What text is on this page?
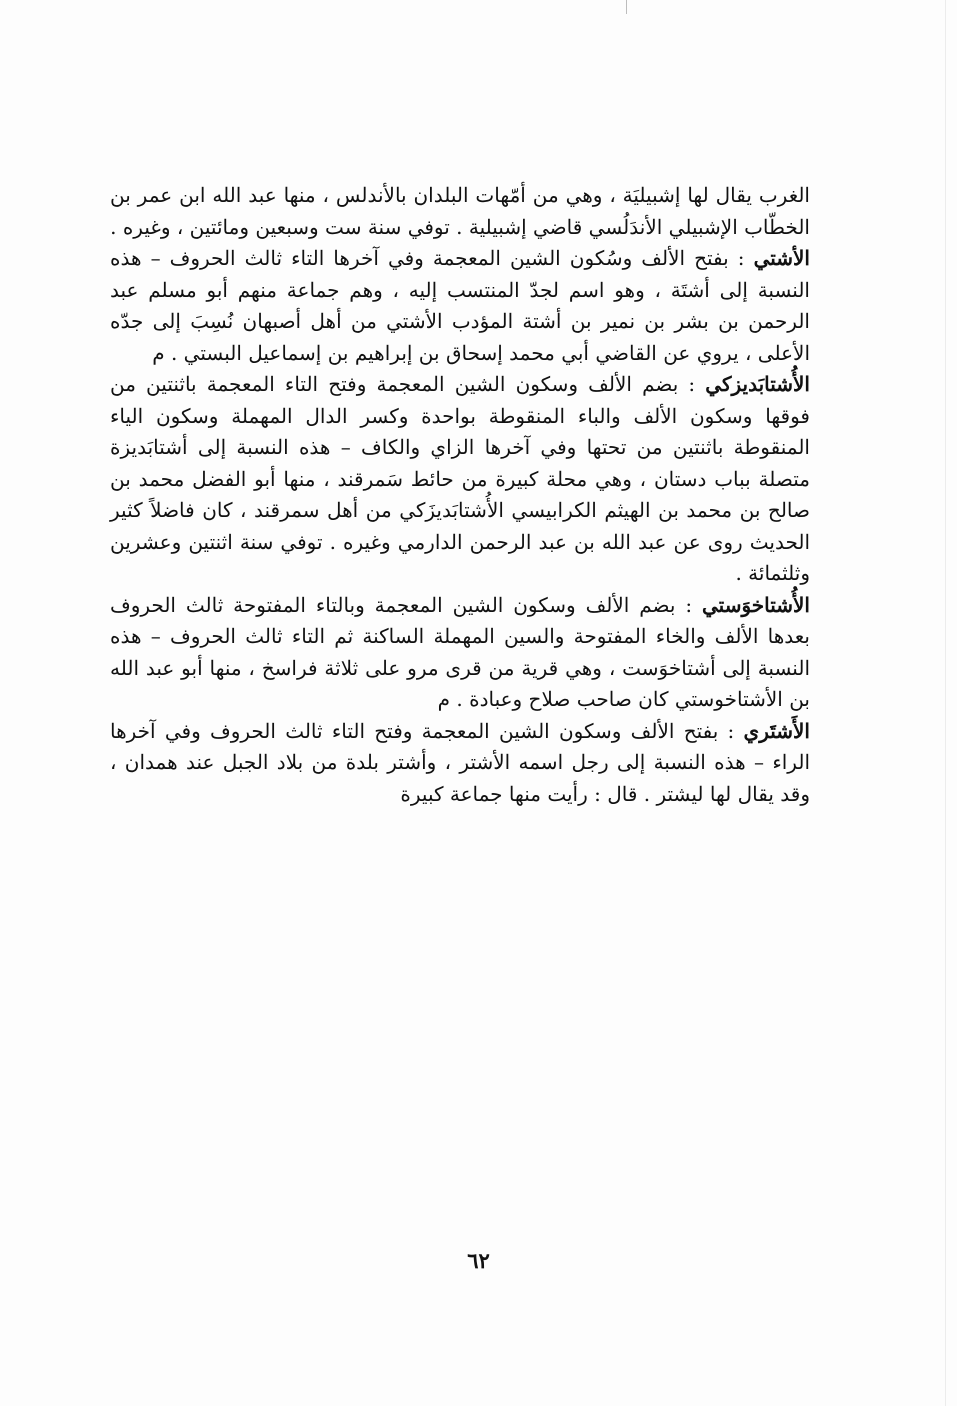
الغرب يقال لها إشبيليَة ، وهي من أمّهات البلدان بالأندلس ، منها عبد الله ابن عمر بن الخطّاب الإشبيلي الأندَلُسي قاضي إشبيلية . توفي سنة ست وسبعين ومائتين ، وغيره .

الأشتي : بفتح الألف وسُكون الشين المعجمة وفي آخرها التاء ثالث الحروف – هذه النسبة إلى أشتَة ، وهو اسم لجدّ المنتسب إليه ، وهم جماعة منهم أبو مسلم عبد الرحمن بن بشر بن نمير بن أشتة المؤدب الأشتي من أهل أصبهان نُسِبَ إلى جدّه الأعلى ، يروي عن القاضي أبي محمد إسحاق بن إبراهيم بن إسماعيل البستي . م

الأُشتابَديزكي : بضم الألف وسكون الشين المعجمة وفتح التاء المعجمة باثنتين من فوقها وسكون الألف والباء المنقوطة بواحدة وكسر الدال المهملة وسكون الياء المنقوطة باثنتين من تحتها وفي آخرها الزاي والكاف – هذه النسبة إلى أشتابَديزة متصلة بباب دستان ، وهي محلة كبيرة من حائط سَمرقند ، منها أبو الفضل محمد بن صالح بن محمد بن الهيثم الكرابيسي الأُشتابَديزَكي من أهل سمرقند ، كان فاضلاً كثير الحديث روى عن عبد الله بن عبد الرحمن الدارمي وغيره . توفي سنة اثنتين وعشرين وثلثمائة .

الأُشتاخوَستي : بضم الألف وسكون الشين المعجمة وبالتاء المفتوحة ثالث الحروف بعدها الألف والخاء المفتوحة والسين المهملة الساكنة ثم التاء ثالث الحروف – هذه النسبة إلى أشتاخوَست ، وهي قرية من قرى مرو على ثلاثة فراسخ ، منها أبو عبد الله بن الأشتاخوستي كان صاحب صلاح وعبادة . م

الأَشتَري : بفتح الألف وسكون الشين المعجمة وفتح التاء ثالث الحروف وفي آخرها الراء – هذه النسبة إلى رجل اسمه الأشتر ، وأشتر بلدة من بلاد الجبل عند همدان ، وقد يقال لها ليشتر . قال : رأيت منها جماعة كبيرة

٦٢
